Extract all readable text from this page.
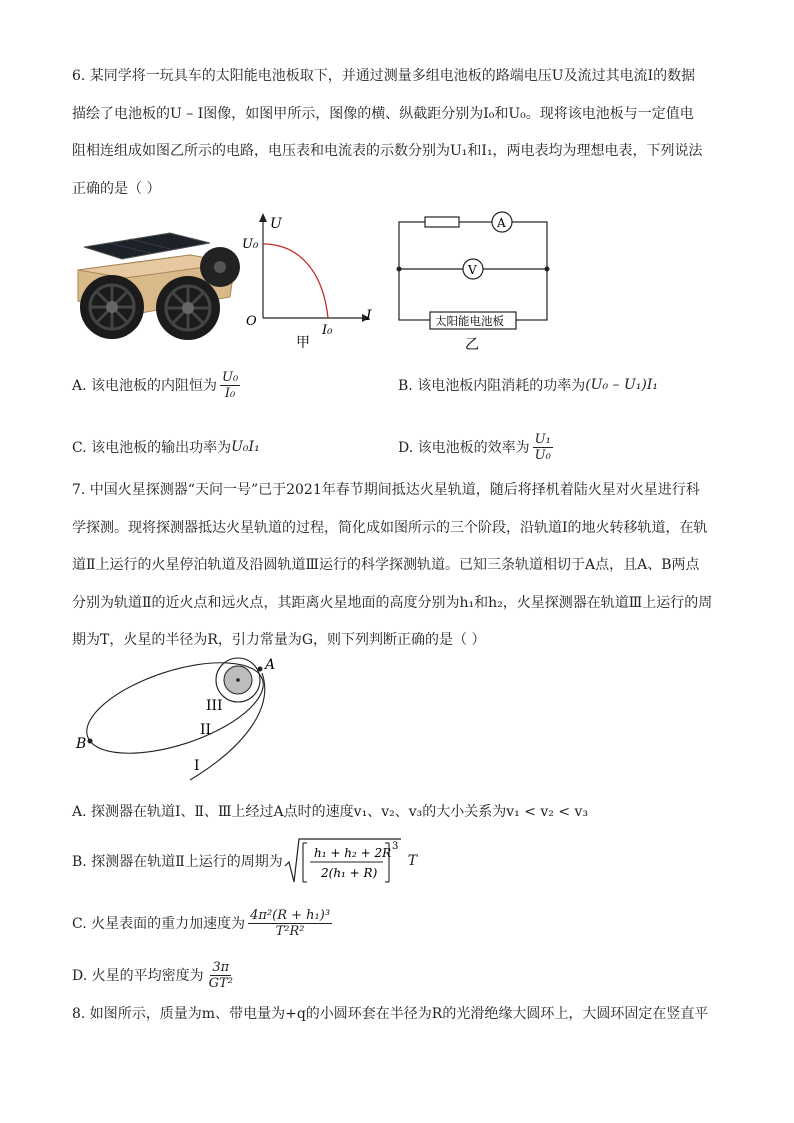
6. 某同学将一玩具车的太阳能电池板取下，并通过测量多组电池板的路端电压U及流过其电流I的数据
描绘了电池板的U – I图像，如图甲所示，图像的横、纵截距分别为I₀和U₀。现将该电池板与一定值电
阻相连组成如图乙所示的电路，电压表和电流表的示数分别为U₁和I₁，两电表均为理想电表，下列说法
正确的是（ ）
U
I
O
U₀
I₀
甲
A
V
太阳能电池板
乙
A. 该电池板的内阻恒为 $\frac{\text{U₀}}{\text{I₀}}$	B. 该电池板内阻消耗的功率为 (U₀ – U₁)I₁
C. 该电池板的输出功率为 U₀I₁	D. 该电池板的效率为 $\frac{\text{U₁}}{\text{U₀}}$
7. 中国火星探测器“天问一号”已于2021年春节期间抵达火星轨道，随后将择机着陆火星对火星进行科
学探测。现将探测器抵达火星轨道的过程，简化成如图所示的三个阶段，沿轨道Ⅰ的地火转移轨道，在轨
道Ⅱ上运行的火星停泊轨道及沿圆轨道Ⅲ运行的科学探测轨道。已知三条轨道相切于A点，且A、B两点
分别为轨道Ⅱ的近火点和远火点，其距离火星地面的高度分别为h₁和h₂，火星探测器在轨道Ⅲ上运行的周
期为T，火星的半径为R，引力常量为G，则下列判断正确的是（ ）
A
B
III
II
I
A. 探测器在轨道Ⅰ、Ⅱ、Ⅲ上经过A点时的速度v₁、v₂、v₃的大小关系为v₁ < v₂ < v₃
B. 探测器在轨道Ⅱ上运行的周期为
h₁ + h₂ + 2R
2(h₁ + R)
3
T
C. 火星表面的重力加速度为 $\frac{\text{4π²(R + h₁)³}}{\text{T²R²}}$
D. 火星的平均密度为 $\frac{3\pi}{\text{GT²}}$
8. 如图所示，质量为m、带电量为+q的小圆环套在半径为R的光滑绝缘大圆环上，大圆环固定在竖直平
